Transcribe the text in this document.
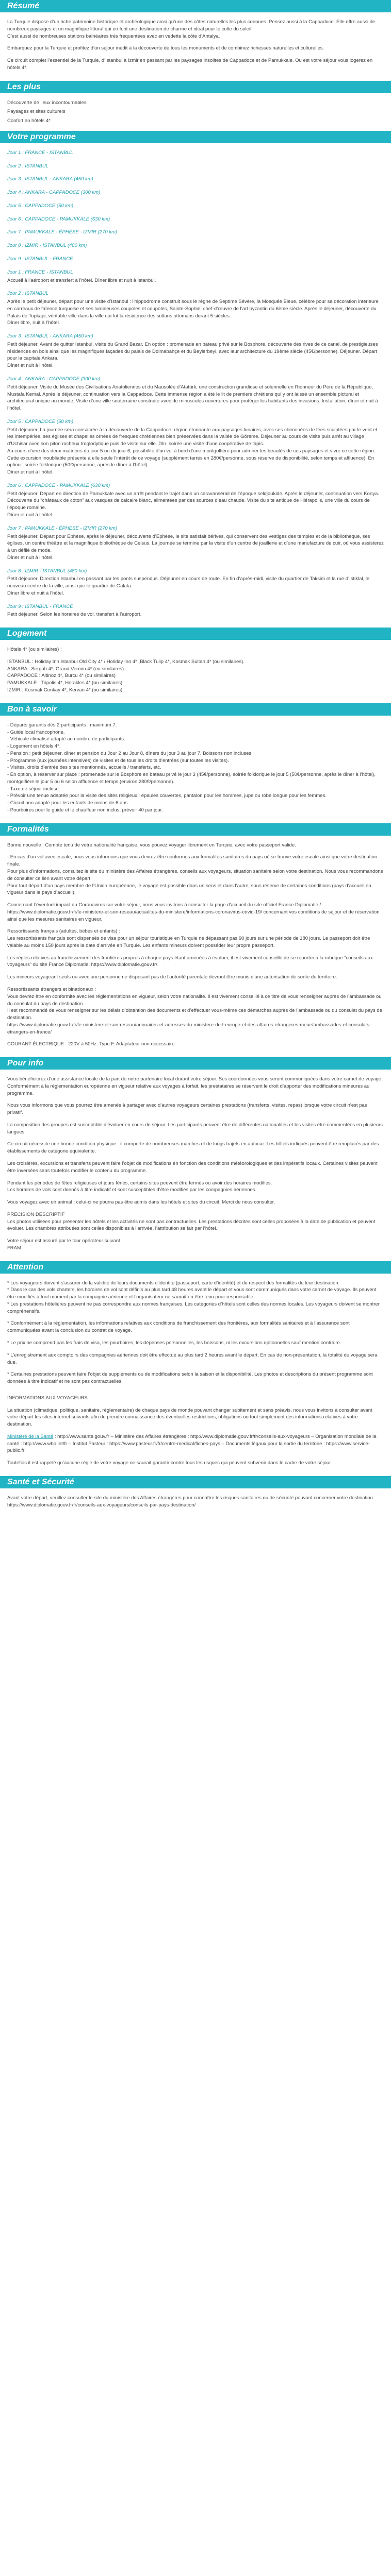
Résumé
La Turquie dispose d’un riche patrimoine historique et archéologique ainsi qu’une des côtes naturelles les plus connues. Pensez aussi à la Cappadoce. Elle offre aussi de nombreux paysages et un magnifique littoral qui en font une destination de charme et idéal pour le culte du soleil.
C’est aussi de nombreuses stations balnéaires très fréquentées avec en vedette la côte d’Antalya.
Embarquez pour la Turquie et profitez d’un séjour inédit à la découverte de tous les monuments et de combinez richesses naturelles et culturelles.
Ce circuit complet l’essentiel de la Turquie, d’Istanbul à Izmir en passant par les paysages insolites de Cappadoce et de Pamukkale. Ou est votre séjour vous logerez en hôtels 4*.
Les plus
Découverte de lieux incontournables
Paysages et sites culturels
Confort en hôtels 4*
Votre programme
Jour 1 : FRANCE - ISTANBUL
Jour 2 : ISTANBUL
Jour 3 : ISTANBUL - ANKARA (450 km)
Jour 4 : ANKARA - CAPPADOCE (300 km)
Jour 5 : CAPPADOCE (50 km)
Jour 6 : CAPPADOCE - PAMUKKALE (630 km)
Jour 7 : PAMUKKALE - ÉPHÈSE - IZMIR (270 km)
Jour 8 : IZMIR - ISTANBUL (480 km)
Jour 9 : ISTANBUL - FRANCE
Jour 1 : FRANCE - ISTANBUL
Accueil à l’aéroport et transfert à l’hôtel. Dîner libre et nuit à Istanbul.
Jour 2 : ISTANBUL
Après le petit déjeuner, départ pour une visite d’Istanbul : l’hippodrome construit sous le règne de Septime Sévère, la Mosquée Bleue, célèbre pour sa décoration intérieure en carreaux de faïence turquoise et ses lumineuses coupoles et coupoles, Sainte-Sophie, chef-d’œuvre de l’art byzantin du 6ème siècle. Après le déjeuner, découverte du Palais de Topkapi, véritable ville dans la ville qui fut la résidence des sultans ottomans durant 5 siècles.
Dîner libre, nuit à l’hôtel.
Jour 3 : ISTANBUL - ANKARA (450 km)
Petit déjeuner. Avant de quitter Istanbul, visite du Grand Bazar. En option : promenade en bateau privé sur le Bosphore, découverte des rives de ce canal, de prestigieuses résidences en bois ainsi que les magnifiques façades du palais de Dolmabahçe et du Beylerbeyi, avec leur architecture du 19ème siècle (45€/personne). Déjeuner. Départ pour la capitale Ankara.
Dîner et nuit à l’hôtel.
Jour 4 : ANKARA - CAPPADOCE (300 km)
Petit déjeuner. Visite du Musée des Civilisations Anatoliennes et du Mausolée d’Atatürk, une construction grandiose et solennelle en l’honneur du Père de la République, Mustafa Kemal. Après le déjeuner, continuation vers la Cappadoce. Cette immense région a été le lit de premiers chrétiens qui y ont laissé un ensemble pictural et architectural unique au monde. Visite d’une ville souterraine construite avec de minuscules ouvertures pour protéger les habitants des invasions. Installation, dîner et nuit à l’hôtel.
Jour 5 : CAPPADOCE (50 km)
Petit déjeuner. La journée sera consacrée à la découverte de la Cappadoce, région étonnante aux paysages lunaires, avec ses cheminées de fées sculptées par le vent et les intempéries, ses églises et chapelles ornées de fresques chrétiennes bien préservées dans la vallée de Göreme. Déjeuner au cours de visite puis arrêt au village d’Uchisar avec son piton rocheux troglodytique puis de visite sur elle. Dîn. soirée une visite d’une coopérative de tapis.
Au cours d’une des deux matinées du jour 5 ou du jour 6, possibilité d’un vol à bord d’une montgolfière pour admirer les beautés de ces paysages et vivre ce cette région. Cette excursion inoubliable présente à elle seule l’intérêt de ce voyage (supplément tarrés en 280€/personne, sous réserve de disponibilité, selon temps et affluence). En option : soirée folklorique (50€/personne, après le dîner à l’hôtel).
Dîner et nuit à l’hôtel.
Jour 6 : CAPPADOCE - PAMUKKALE (630 km)
Petit déjeuner. Départ en direction de Pamukkale avec un arrêt pendant le trajet dans un caravansérail de l’époque seldjoukide. Après le déjeuner, continuation vers Konya. Découverte du “châteaux de coton” aux vasques de calcaire blanc, alimentées par des sources d’eau chaude. Visite du site antique de Hiérapolis, une ville du cours de l’époque romaine.
Dîner et nuit à l’hôtel.
Jour 7 : PAMUKKALE - ÉPHÈSE - IZMIR (270 km)
Petit déjeuner. Départ pour Éphèse, après le déjeuner, découverte d’Éphèse, le site satisfait dérivés, qui conservent des vestiges des temples et de la bibliothèque, ses églises, un centre théâtre et la magnifique bibliothèque de Celsus. La journée se termine par la visite d’un centre de joaillerie et d’une manufacture de cuir, où vous assisterez à un défilé de mode.
Dîner et nuit à l’hôtel.
Jour 8 : IZMIR - ISTANBUL (480 km)
Petit déjeuner. Direction Istanbul en passant par les ponts suspendus. Déjeuner en cours de route. En fin d’après-midi, visite du quartier de Taksim et la rue d’Istiklal, le nouveau centre de la ville, ainsi que le quartier de Galata.
Dîner libre et nuit à l’hôtel.
Jour 9 : ISTANBUL - FRANCE
Petit déjeuner. Selon les horaires de vol, transfert à l’aéroport.
Logement
Hôtels 4* (ou similaires) :
ISTANBUL : Holiday Inn Istanbul Old City 4* / Holiday Inn 4* ,Black Tulip 4*, Kosmak Sultan 4* (ou similaires).
ANKARA : Sergah 4*, Grand Vermin 4* (ou similaires)
CAPPADOCE : Altinoz 4*, Burcu 4* (ou similaires)
PAMUKKALE : Tripolis 4*, Herakles 4* (ou similaires)
IZMIR : Kosmak Conkay 4*, Kervan 4* (ou similaires)
Bon à savoir
- Départs garantis dès 2 participants ; maximum 7.
- Guide local francophone.
- Véhicule climatisé adapté au nombre de participants.
- Logement en hôtels 4*.
- Pension : petit déjeuner, dîner et pension du Jour 2 au Jour 8, dîners du jour 3 au jour 7. Boissons non incluses.
- Programme (aux journées intensives) de visites et de tous les droits d’entrées (sur toutes les visites).
- Visites, droits d’entrée des sites mentionnés, accueils / transferts, etc.
- En option, à réserver sur place : promenade sur le Bosphore en bateau privé le jour 3 (45€/personne), soirée folklorique le jour 5 (50€/personne, après le dîner à l’hôtel), montgolfière le jour 5 ou 6 selon affluence et temps (environ 280€/personne).
- Taxe de séjour incluse.
- Prévoir une tenue adaptée pour la visite des sites religieux : épaules couvertes, pantalon pour les hommes, jupe ou robe longue pour les femmes.
- Circuit non adapté pour les enfants de moins de 6 ans.
- Pourboires pour le guide et le chauffeur non inclus, prévoir 40 par jour.
Formalités
Bonne nouvelle : Compte tenu de votre nationalité française, vous pouvez voyager librement en Turquie, avec votre passeport valide.
- En cas d’un vol avec escale, nous vous informons que vous devrez être conformes aux formalités sanitaires du pays où se trouve votre escale ainsi que votre destination finale.
Pour plus d’informations, consultez le site du ministère des Affaires étrangères, conseils aux voyageurs, situation sanitaire selon votre destination. Nous vous recommandons de consulter ce lien avant votre départ.
Pour tout départ d’un pays membre de l’Union européenne, le voyage est possible dans un sens et dans l’autre, sous réserve de certaines conditions (pays d’accueil en vigueur dans le pays d’accueil).
Concernant l’éventuel impact du Coronavirus sur votre séjour, nous vous invitons à consulter la page d’accueil du site officiel France Diplomatie / ...
https://www.diplomatie.gouv.fr/fr/le-ministere-et-son-reseau/actualites-du-ministere/informations-coronavirus-covid-19/ concernant vos conditions de séjour et de réservation ainsi que les mesures sanitaires en vigueur.
Ressortissants français (adultes, bébés et enfants) :
Les ressortissants français sont dispensés de visa pour un séjour touristique en Turquie ne dépassant pas 90 jours sur une période de 180 jours. Le passeport doit être valable au moins 150 jours après la date d’arrivée en Turquie. Les enfants mineurs doivent posséder leur propre passeport.
Les règles relatives au franchissement des frontières propres à chaque pays étant amenées à évoluer, il est vivement conseillé de se reporter à la rubrique “conseils aux voyageurs” du site France Diplomatie, https://www.diplomatie.gouv.fr/.
Les mineurs voyageant seuls ou avec une personne ne disposant pas de l’autorité parentale devront être munis d’une autorisation de sortie du territoire.
Ressortissants étrangers et binationaux :
Vous devrez être en conformité avec les réglementations en vigueur, selon votre nationalité. Il est vivement conseillé à ce titre de vous renseigner auprès de l’ambassade ou du consulat du pays de destination.
Il est recommandé de vous renseigner sur les délais d’obtention des documents et d’effectuer vous-même ces démarches auprès de l’ambassade ou du consulat du pays de destination.
https://www.diplomatie.gouv.fr/fr/le-ministere-et-son-reseau/annuaires-et-adresses-du-ministere-de-l-europe-et-des-affaires-etrangeres-meae/ambassades-et-consulats-etrangers-en-france/
COURANT ÉLECTRIQUE : 220V à 50Hz. Type F. Adaptateur non nécessaire.
Pour info
Vous bénéficierez d’une assistance locale de la part de notre partenaire local durant votre séjour. Ses coordonnées vous seront communiquées dans votre carnet de voyage. Conformément à la réglementation européenne en vigueur relative aux voyages à forfait, les prestataires se réservent le droit d’apporter des modifications mineures au programme.
Nous vous informons que vous pourrez être amenés à partager avec d’autres voyageurs certaines prestations (transferts, visites, repas) lorsque votre circuit n’est pas privatif.
La composition des groupes est susceptible d’évoluer en cours de séjour. Les participants peuvent être de différentes nationalités et les visites être commentées en plusieurs langues.
Ce circuit nécessite une bonne condition physique : il comporte de nombreuses marches et de longs trajets en autocar. Les hôtels indiqués peuvent être remplacés par des établissements de catégorie équivalente.
Les croisières, excursions et transferts peuvent faire l’objet de modifications en fonction des conditions météorologiques et des impératifs locaux. Certaines visites peuvent être inversées sans toutefois modifier le contenu du programme.
Pendant les périodes de fêtes religieuses et jours fériés, certains sites peuvent être fermés ou avoir des horaires modifiés.
Les horaires de vols sont donnés à titre indicatif et sont susceptibles d’être modifiés par les compagnies aériennes.
Vous voyagez avec un animal : celui-ci ne pourra pas être admis dans les hôtels et sites du circuit. Merci de nous consulter.
PRÉCISION DESCRIPTIF
Les photos utilisées pour présenter les hôtels et les activités ne sont pas contractuelles. Les prestations décrites sont celles proposées à la date de publication et peuvent évoluer. Les chambres attribuées sont celles disponibles à l’arrivée, l’attribution se fait par l’hôtel.
Votre séjour est assuré par le tour opérateur suivant :
FRAM
Attention
* Les voyageurs doivent s’assurer de la validité de leurs documents d’identité (passeport, carte d’identité) et du respect des formalités de leur destination.
* Dans le cas des vols charters, les horaires de vol sont définis au plus tard 48 heures avant le départ et vous sont communiqués dans votre carnet de voyage. Ils peuvent être modifiés à tout moment par la compagnie aérienne et l’organisateur ne saurait en être tenu pour responsable.
* Les prestations hôtelières peuvent ne pas correspondre aux normes françaises. Les catégories d’hôtels sont celles des normes locales. Les voyageurs doivent se montrer compréhensifs.
* Conformément à la réglementation, les informations relatives aux conditions de franchissement des frontières, aux formalités sanitaires et à l’assurance sont communiquées avant la conclusion du contrat de voyage.
* Le prix ne comprend pas les frais de visa, les pourboires, les dépenses personnelles, les boissons, ni les excursions optionnelles sauf mention contraire.
* L’enregistrement aux comptoirs des compagnies aériennes doit être effectué au plus tard 2 heures avant le départ. En cas de non-présentation, la totalité du voyage sera due.
* Certaines prestations peuvent faire l’objet de suppléments ou de modifications selon la saison et la disponibilité. Les photos et descriptions du présent programme sont données à titre indicatif et ne sont pas contractuelles.
INFORMATIONS AUX VOYAGEURS :
La situation (climatique, politique, sanitaire, réglementaire) de chaque pays de monde pouvant changer subitement et sans préavis, nous vous invitons à consulter avant votre départ les sites internet suivants afin de prendre connaissance des éventuelles restrictions, obligations ou tout simplement des informations relatives à votre destination.
Ministère de la Santé : http://www.sante.gouv.fr – Ministère des Affaires étrangères : http://www.diplomatie.gouv.fr/fr/conseils-aux-voyageurs – Organisation mondiale de la santé : http://www.who.int/fr – Institut Pasteur : https://www.pasteur.fr/fr/centre-medical/fiches-pays – Documents légaux pour la sortie du territoire : https://www.service-public.fr
Toutefois il est rappelé qu’aucune règle de votre voyage ne saurait garantir contre tous les risques qui peuvent subvenir dans le cadre de votre séjour.
Santé et Sécurité
Avant votre départ, veuillez consulter le site du ministère des Affaires étrangères pour connaître les risques sanitaires ou de sécurité pouvant concerner votre destination : https://www.diplomatie.gouv.fr/fr/conseils-aux-voyageurs/conseils-par-pays-destination/
